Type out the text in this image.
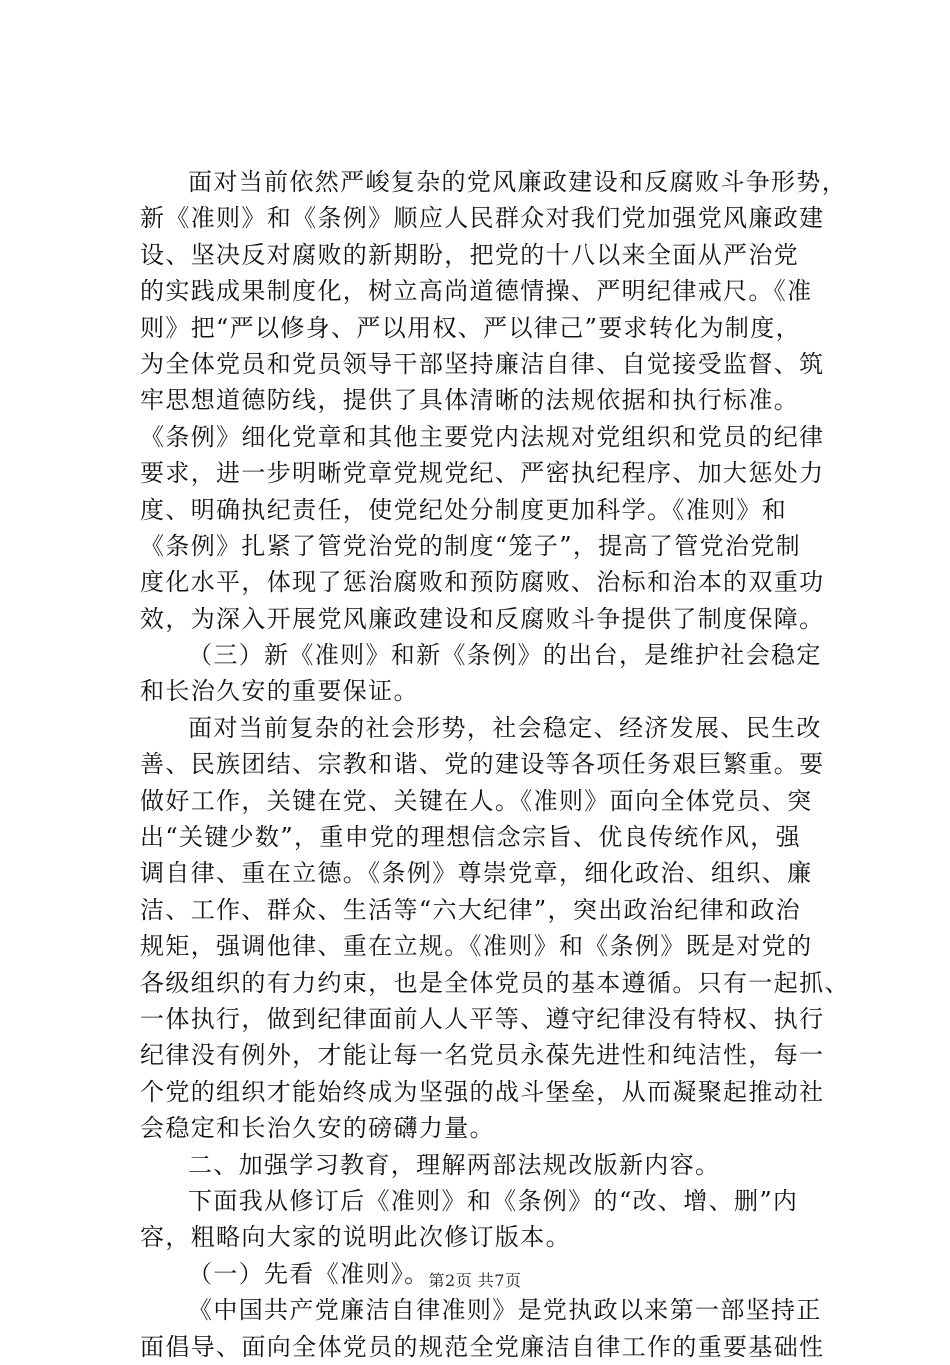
面对当前依然严峻复杂的党风廉政建设和反腐败斗争形势，
新《准则》和《条例》顺应人民群众对我们党加强党风廉政建
设、坚决反对腐败的新期盼，把党的十八以来全面从严治党
的实践成果制度化，树立高尚道德情操、严明纪律戒尺。《准
则》把“严以修身、严以用权、严以律己”要求转化为制度，
为全体党员和党员领导干部坚持廉洁自律、自觉接受监督、筑
牢思想道德防线，提供了具体清晰的法规依据和执行标准。
《条例》细化党章和其他主要党内法规对党组织和党员的纪律
要求，进一步明晰党章党规党纪、严密执纪程序、加大惩处力
度、明确执纪责任，使党纪处分制度更加科学。《准则》和
《条例》扎紧了管党治党的制度“笼子”，提高了管党治党制
度化水平，体现了惩治腐败和预防腐败、治标和治本的双重功
效，为深入开展党风廉政建设和反腐败斗争提供了制度保障。
（三）新《准则》和新《条例》的出台，是维护社会稳定
和长治久安的重要保证。
面对当前复杂的社会形势，社会稳定、经济发展、民生改
善、民族团结、宗教和谐、党的建设等各项任务艰巨繁重。要
做好工作，关键在党、关键在人。《准则》面向全体党员、突
出“关键少数”，重申党的理想信念宗旨、优良传统作风，强
调自律、重在立德。《条例》尊崇党章，细化政治、组织、廉
洁、工作、群众、生活等“六大纪律”，突出政治纪律和政治
规矩，强调他律、重在立规。《准则》和《条例》既是对党的
各级组织的有力约束，也是全体党员的基本遵循。只有一起抓、
一体执行，做到纪律面前人人平等、遵守纪律没有特权、执行
纪律没有例外，才能让每一名党员永葆先进性和纯洁性，每一
个党的组织才能始终成为坚强的战斗堡垒，从而凝聚起推动社
会稳定和长治久安的磅礴力量。
二、加强学习教育，理解两部法规改版新内容。
下面我从修订后《准则》和《条例》的“改、增、删”内
容，粗略向大家的说明此次修订版本。
（一）先看《准则》。
《中国共产党廉洁自律准则》是党执政以来第一部坚持正
面倡导、面向全体党员的规范全党廉洁自律工作的重要基础性
第2页 共7页
